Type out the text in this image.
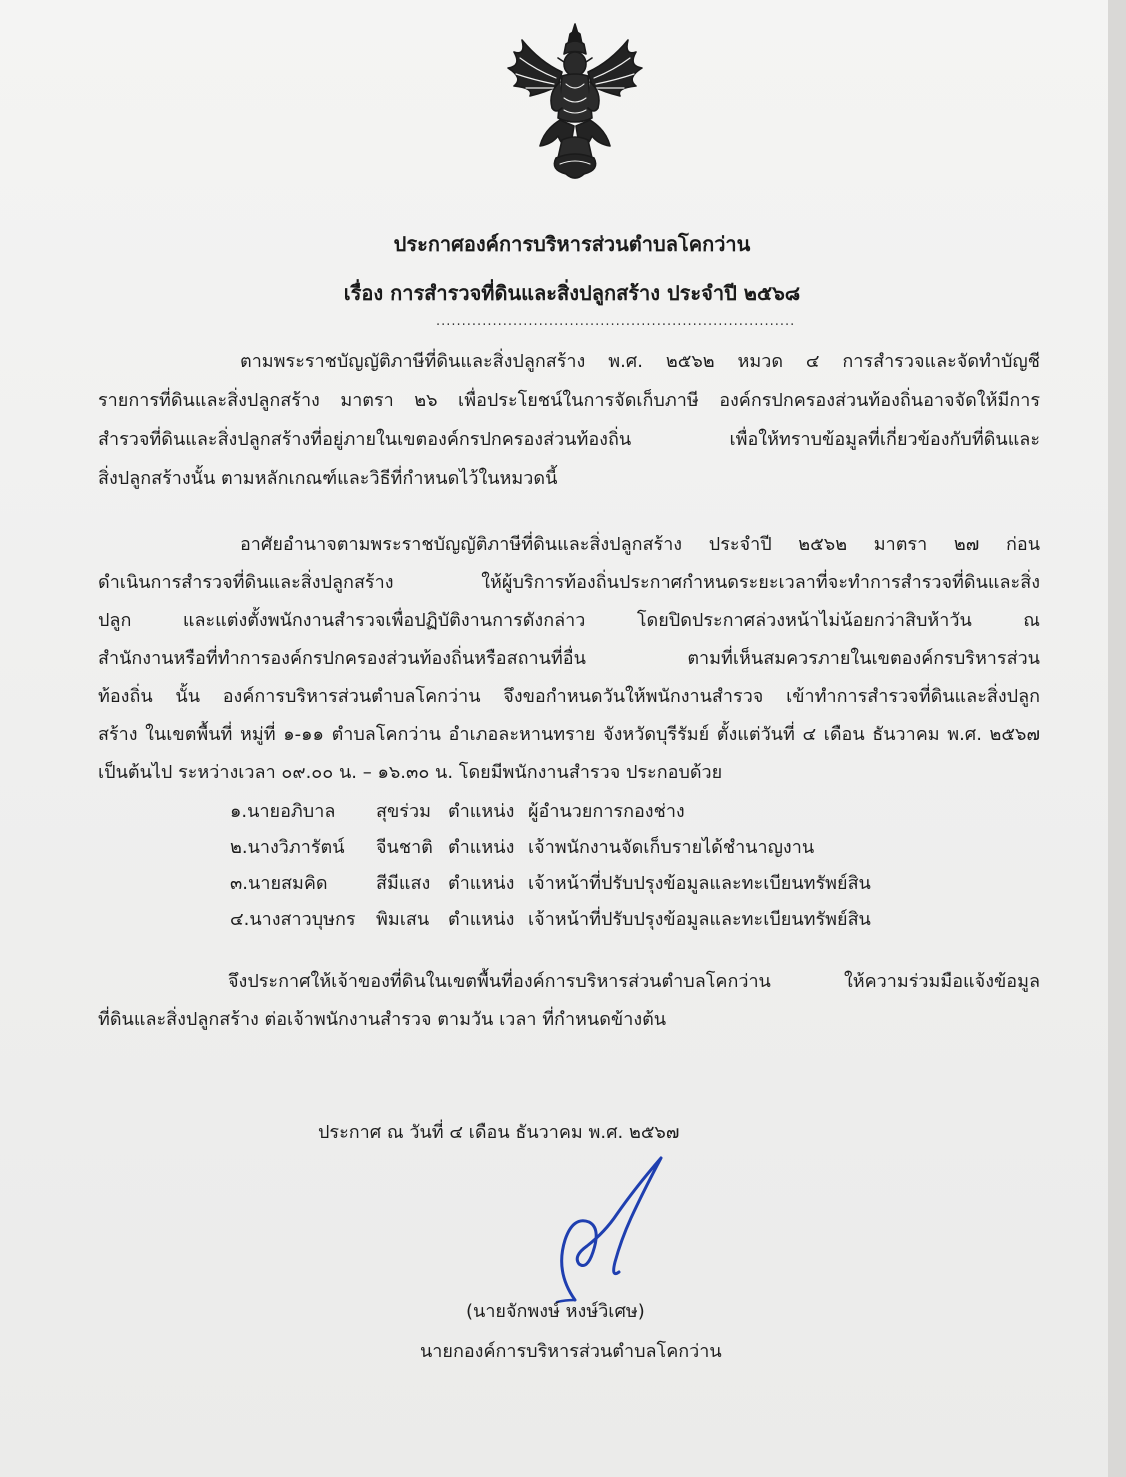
ประกาศองค์การบริหารส่วนตำบลโคกว่าน
เรื่อง การสำรวจที่ดินและสิ่งปลูกสร้าง ประจำปี ๒๕๖๘
......................................................................
ตามพระราชบัญญัติภาษีที่ดินและสิ่งปลูกสร้าง พ.ศ. ๒๕๖๒ หมวด ๔ การสำรวจและจัดทำบัญชี
รายการที่ดินและสิ่งปลูกสร้าง มาตรา ๒๖ เพื่อประโยชน์ในการจัดเก็บภาษี องค์กรปกครองส่วนท้องถิ่นอาจจัดให้มีการ
สำรวจที่ดินและสิ่งปลูกสร้างที่อยู่ภายในเขตองค์กรปกครองส่วนท้องถิ่น เพื่อให้ทราบข้อมูลที่เกี่ยวข้องกับที่ดินและ
สิ่งปลูกสร้างนั้น ตามหลักเกณฑ์และวิธีที่กำหนดไว้ในหมวดนี้
อาศัยอำนาจตามพระราชบัญญัติภาษีที่ดินและสิ่งปลูกสร้าง ประจำปี ๒๕๖๒ มาตรา ๒๗ ก่อน
ดำเนินการสำรวจที่ดินและสิ่งปลูกสร้าง ให้ผู้บริการท้องถิ่นประกาศกำหนดระยะเวลาที่จะทำการสำรวจที่ดินและสิ่ง
ปลูก และแต่งตั้งพนักงานสำรวจเพื่อปฏิบัติงานการดังกล่าว โดยปิดประกาศล่วงหน้าไม่น้อยกว่าสิบห้าวัน ณ
สำนักงานหรือที่ทำการองค์กรปกครองส่วนท้องถิ่นหรือสถานที่อื่น ตามที่เห็นสมควรภายในเขตองค์กรบริหารส่วน
ท้องถิ่น นั้น องค์การบริหารส่วนตำบลโคกว่าน จึงขอกำหนดวันให้พนักงานสำรวจ เข้าทำการสำรวจที่ดินและสิ่งปลูก
สร้าง ในเขตพื้นที่ หมู่ที่ ๑-๑๑ ตำบลโคกว่าน อำเภอละหานทราย จังหวัดบุรีรัมย์ ตั้งแต่วันที่ ๔ เดือน ธันวาคม พ.ศ. ๒๕๖๗
เป็นต้นไป ระหว่างเวลา ๐๙.๐๐ น. – ๑๖.๓๐ น. โดยมีพนักงานสำรวจ ประกอบด้วย
๑.นายอภิบาล สุขร่วม ตำแหน่ง ผู้อำนวยการกองช่าง
๒.นางวิภารัตน์ จีนชาติ ตำแหน่ง เจ้าพนักงานจัดเก็บรายได้ชำนาญงาน
๓.นายสมคิด	สีมีแสง ตำแหน่ง เจ้าหน้าที่ปรับปรุงข้อมูลและทะเบียนทรัพย์สิน
๔.นางสาวบุษกร พิมเสน ตำแหน่ง เจ้าหน้าที่ปรับปรุงข้อมูลและทะเบียนทรัพย์สิน
จึงประกาศให้เจ้าของที่ดินในเขตพื้นที่องค์การบริหารส่วนตำบลโคกว่าน ให้ความร่วมมือแจ้งข้อมูล
ที่ดินและสิ่งปลูกสร้าง ต่อเจ้าพนักงานสำรวจ ตามวัน เวลา ที่กำหนดข้างต้น
ประกาศ ณ วันที่ ๔ เดือน ธันวาคม พ.ศ. ๒๕๖๗
(นายจักพงษ์ หงษ์วิเศษ)
นายกองค์การบริหารส่วนตำบลโคกว่าน
